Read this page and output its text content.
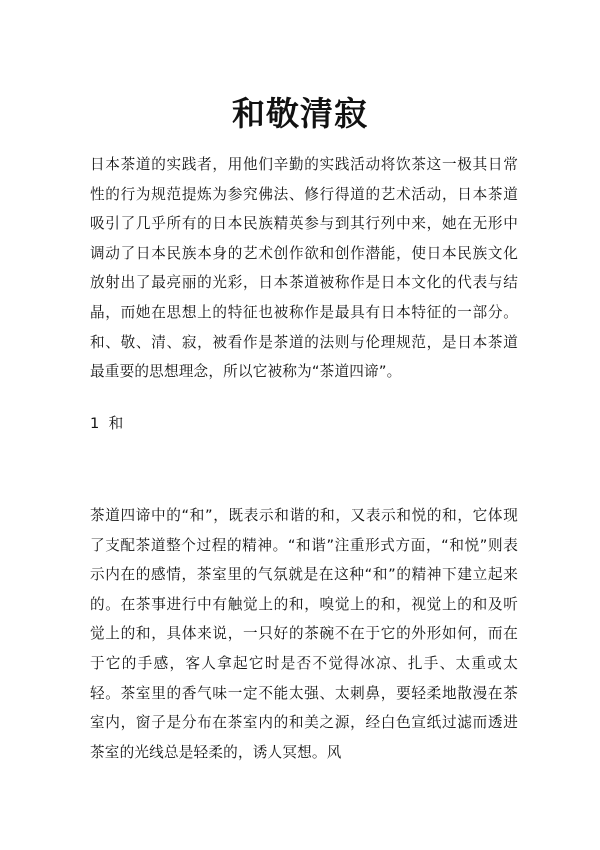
和敬清寂

日本茶道的实践者，用他们辛勤的实践活动将饮茶这一极其日常性的行为规范提炼为参究佛法、修行得道的艺术活动，日本茶道吸引了几乎所有的日本民族精英参与到其行列中来，她在无形中调动了日本民族本身的艺术创作欲和创作潜能，使日本民族文化放射出了最亮丽的光彩，日本茶道被称作是日本文化的代表与结晶，而她在思想上的特征也被称作是最具有日本特征的一部分。和、敬、清、寂，被看作是茶道的法则与伦理规范，是日本茶道最重要的思想理念，所以它被称为“茶道四谛”。

1  和

茶道四谛中的“和”，既表示和谐的和，又表示和悦的和，它体现了支配茶道整个过程的精神。“和谐”注重形式方面，“和悦”则表示内在的感情，茶室里的气氛就是在这种“和”的精神下建立起来的。在茶事进行中有触觉上的和，嗅觉上的和，视觉上的和及听觉上的和，具体来说，一只好的茶碗不在于它的外形如何，而在于它的手感，客人拿起它时是否不觉得冰凉、扎手、太重或太轻。茶室里的香气味一定不能太强、太刺鼻，要轻柔地散漫在茶室内，窗子是分布在茶室内的和美之源，经白色宣纸过滤而透进茶室的光线总是轻柔的，诱人冥想。风
